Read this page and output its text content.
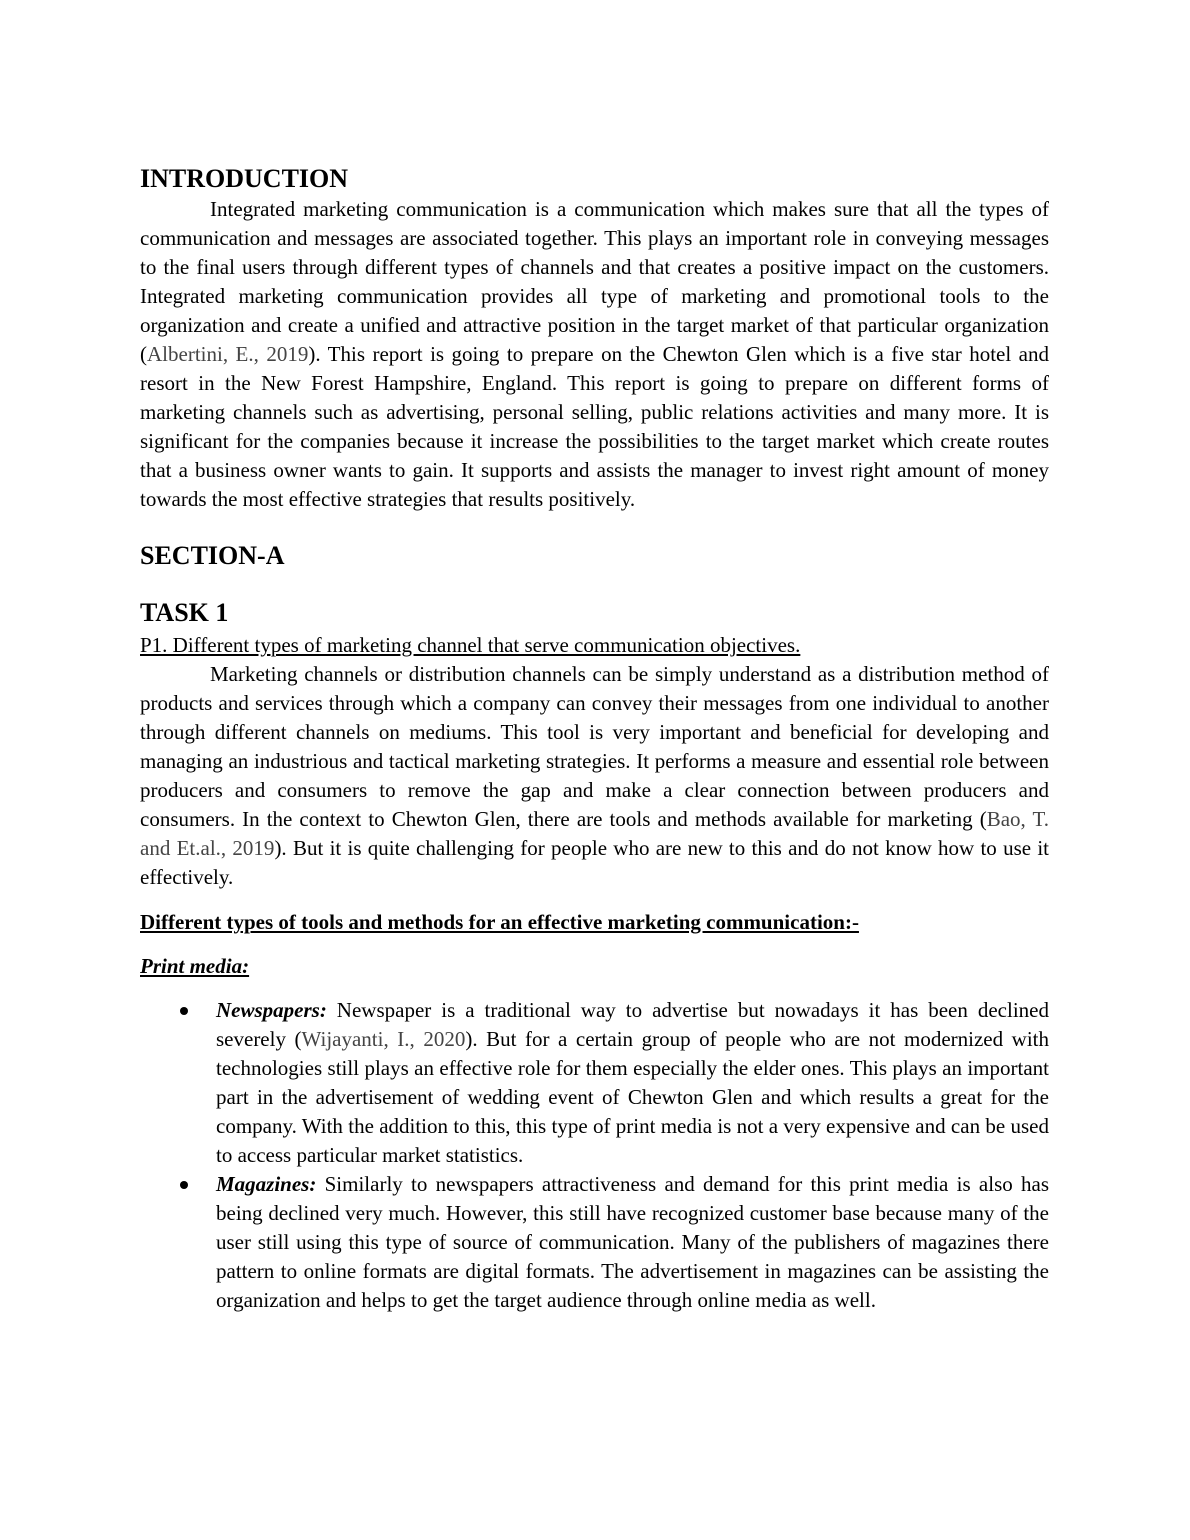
INTRODUCTION

Integrated marketing communication is a communication which makes sure that all the types of communication and messages are associated together. This plays an important role in conveying messages to the final users through different types of channels and that creates a positive impact on the customers. Integrated marketing communication provides all type of marketing and promotional tools to the organization and create a unified and attractive position in the target market of that particular organization (Albertini, E., 2019). This report is going to prepare on the Chewton Glen which is a five star hotel and resort in the New Forest Hampshire, England. This report is going to prepare on different forms of marketing channels such as advertising, personal selling, public relations activities and many more. It is significant for the companies because it increase the possibilities to the target market which create routes that a business owner wants to gain. It supports and assists the manager to invest right amount of money towards the most effective strategies that results positively.

SECTION-A
TASK 1

P1. Different types of marketing channel that serve communication objectives.

Marketing channels or distribution channels can be simply understand as a distribution method of products and services through which a company can convey their messages from one individual to another through different channels on mediums. This tool is very important and beneficial for developing and managing an industrious and tactical marketing strategies. It performs a measure and essential role between producers and consumers to remove the gap and make a clear connection between producers and consumers. In the context to Chewton Glen, there are tools and methods available for marketing (Bao, T. and Et.al., 2019). But it is quite challenging for people who are new to this and do not know how to use it effectively.

Different types of tools and methods for an effective marketing communication:-

Print media:

Newspapers: Newspaper is a traditional way to advertise but nowadays it has been declined severely (Wijayanti, I., 2020). But for a certain group of people who are not modernized with technologies still plays an effective role for them especially the elder ones. This plays an important part in the advertisement of wedding event of Chewton Glen and which results a great for the company. With the addition to this, this type of print media is not a very expensive and can be used to access particular market statistics.
Magazines: Similarly to newspapers attractiveness and demand for this print media is also has being declined very much. However, this still have recognized customer base because many of the user still using this type of source of communication. Many of the publishers of magazines there pattern to online formats are digital formats. The advertisement in magazines can be assisting the organization and helps to get the target audience through online media as well.
